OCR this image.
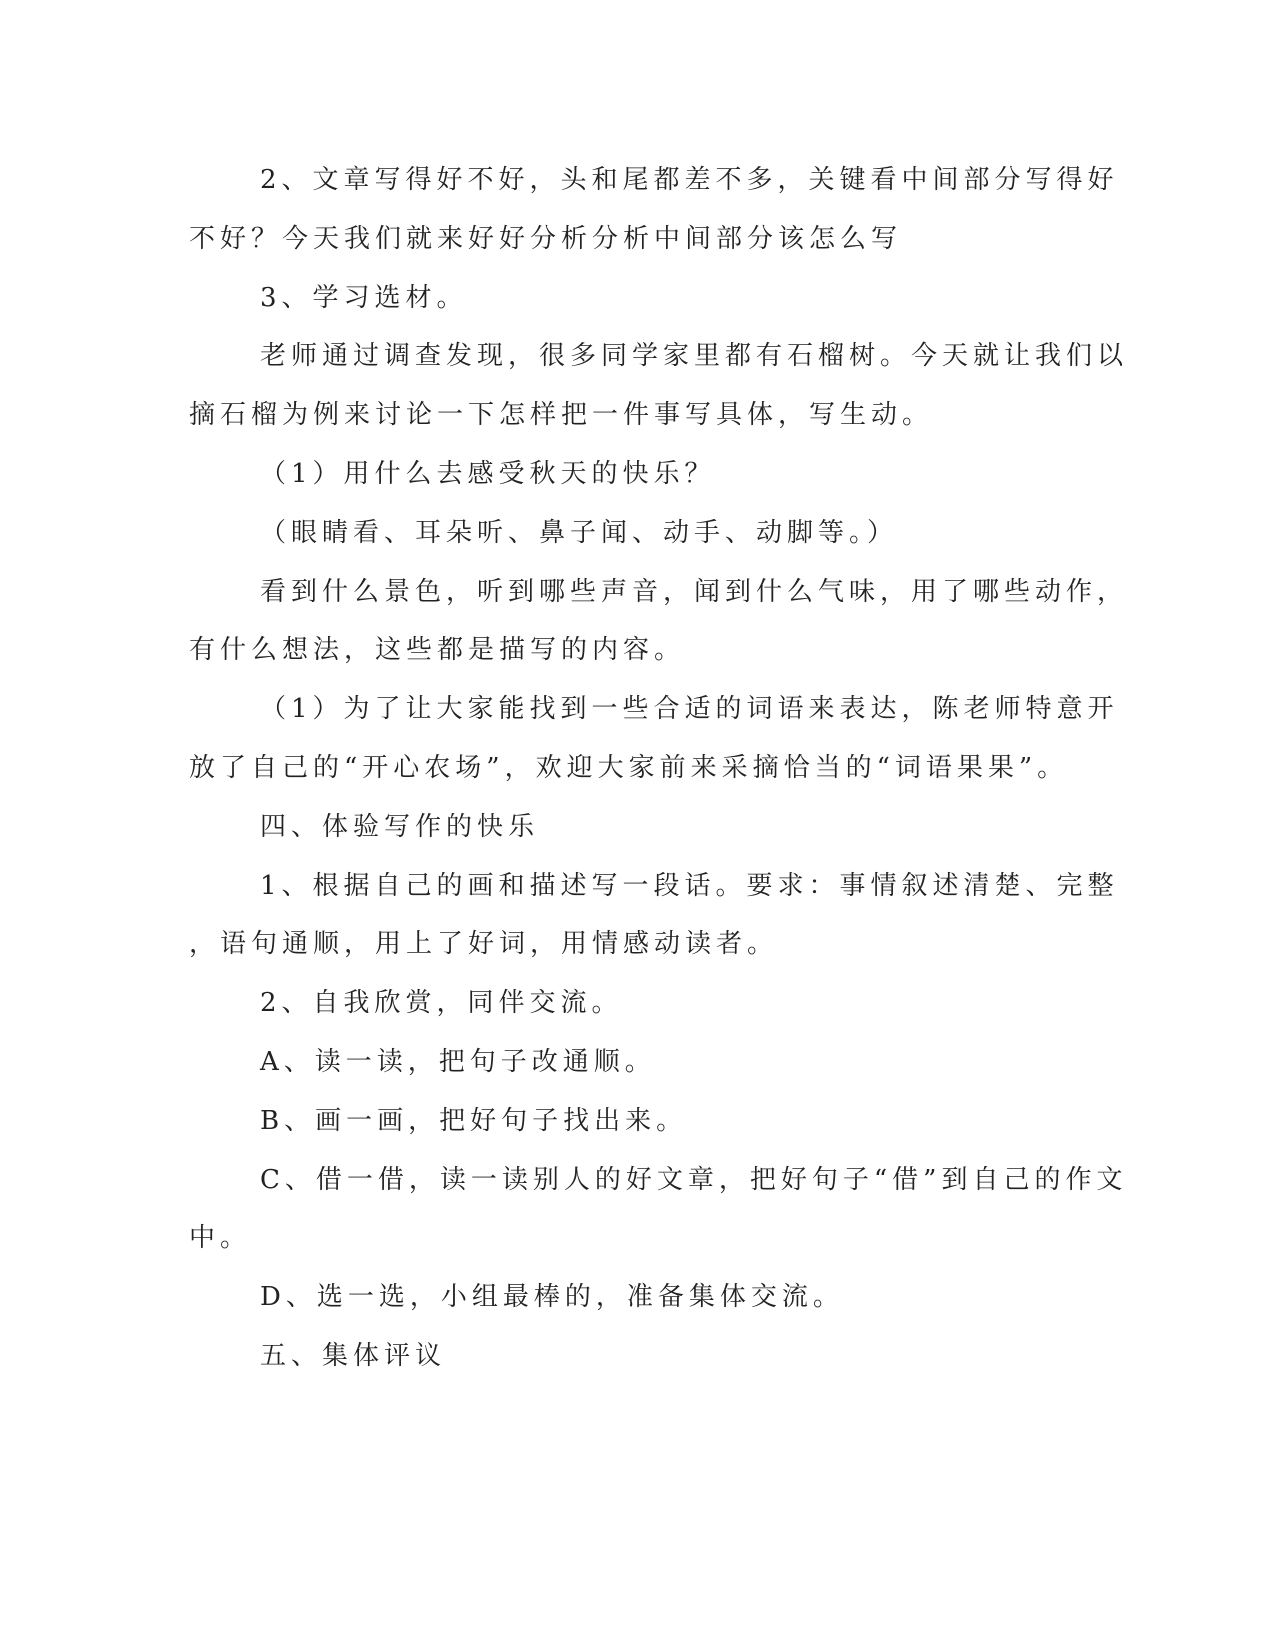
2、文章写得好不好，头和尾都差不多，关键看中间部分写得好
不好？今天我们就来好好分析分析中间部分该怎么写
3、学习选材。
老师通过调查发现，很多同学家里都有石榴树。今天就让我们以
摘石榴为例来讨论一下怎样把一件事写具体，写生动。
（1）用什么去感受秋天的快乐？
（眼睛看、耳朵听、鼻子闻、动手、动脚等。）
看到什么景色，听到哪些声音，闻到什么气味，用了哪些动作，
有什么想法，这些都是描写的内容。
（1）为了让大家能找到一些合适的词语来表达，陈老师特意开
放了自己的“开心农场”，欢迎大家前来采摘恰当的“词语果果”。
四、体验写作的快乐
1、根据自己的画和描述写一段话。要求：事情叙述清楚、完整
，语句通顺，用上了好词，用情感动读者。
2、自我欣赏，同伴交流。
A、读一读，把句子改通顺。
B、画一画，把好句子找出来。
C、借一借，读一读别人的好文章，把好句子“借”到自己的作文
中。
D、选一选，小组最棒的，准备集体交流。
五、集体评议
